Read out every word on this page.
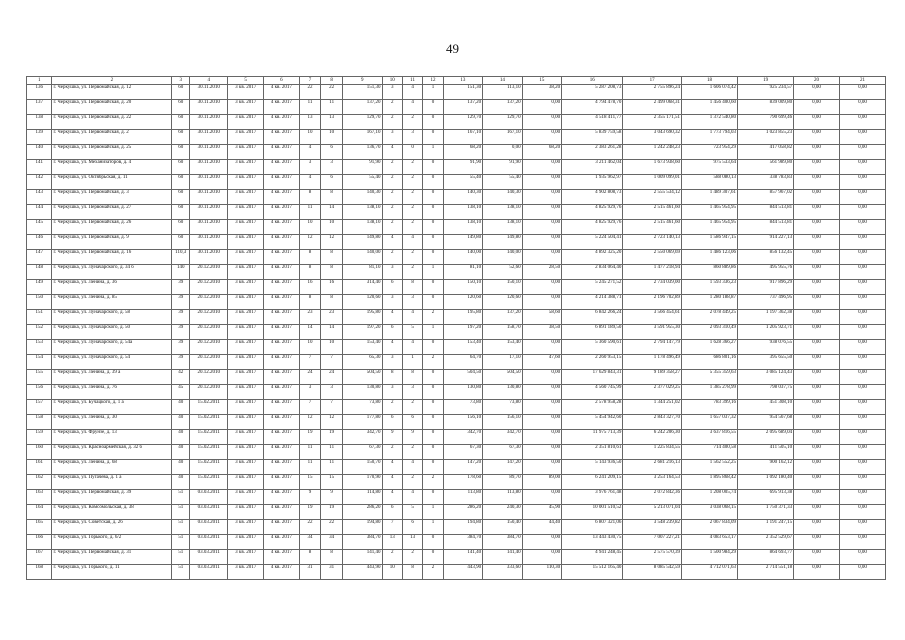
49
1	2	3	4	5	6	7	8	9	10	11	12	13	14	15	16	17	18	19	20	21
136	г. Черкушка, ул. Первомайская, д. 12	60	30.11.2010	3 кв. 2017	4 кв. 2017	22	22	151,30	3	4	1	151,30	113,10	38,20	5 287 208,73	2 755 896,24	1 606 074,42	925 234,57	0,00	0,00
137	г. Черкушка, ул. Первомайская, д. 20	60	30.11.2010	3 кв. 2017	4 кв. 2017	11	11	137,20	2	4	0	137,20	137,20	0,00	4 794 478,70	2 499 068,31	1 456 400,60	839 009,80	0,00	0,00
138	г. Черкушка, ул. Первомайская, д. 22	60	30.11.2010	3 кв. 2017	4 кв. 2017	13	13	129,70	2	2	0	129,70	129,70	0,00	4 518 411,77	2 355 171,51	1 372 540,80	790 699,46	0,00	0,00
139	г. Черкушка, ул. Первомайская, д. 2	60	30.11.2010	3 кв. 2017	4 кв. 2017	10	10	167,10	3	3	0	167,10	167,10	0,00	5 839 759,58	3 043 690,32	1 773 794,03	1 023 855,23	0,00	0,00
140	г. Черкушка, ул. Первомайская, д. 25	60	30.11.2010	3 кв. 2017	4 кв. 2017	4	6	136,70	4	0	1	68,20	0,00	68,20	2 383 261,28	1 242 248,23	723 954,29	417 058,82	0,00	0,00
141	г. Черкушка, ул. Механизаторов, д. 4	60	30.11.2010	3 кв. 2017	4 кв. 2017	3	3	91,90	2	2	0	91,90	91,90	0,00	3 211 462,04	1 673 938,60	975 533,64	561 989,80	0,00	0,00
142	г. Черкушка, ул. Октябрьская, д. 11	60	30.11.2010	3 кв. 2017	4 кв. 2017	4	6	55,40	2	2	0	55,40	55,40	0,00	1 935 962,97	1 009 099,01	588 080,13	338 783,83	0,00	0,00
143	г. Черкушка, ул. Первомайская, д. 3	60	30.11.2010	3 кв. 2017	4 кв. 2017	8	8	140,30	2	2	0	140,30	140,30	0,00	4 902 808,73	2 555 534,12	1 489 307,61	857 967,02	0,00	0,00
144	г. Черкушка, ул. Первомайская, д. 27	60	30.11.2010	3 кв. 2017	4 кв. 2017	11	14	138,10	2	2	0	138,10	138,10	0,00	4 825 929,76	2 515 461,60	1 465 954,95	844 513,81	0,00	0,00
145	г. Черкушка, ул. Первомайская, д. 26	60	30.11.2010	3 кв. 2017	4 кв. 2017	10	10	138,10	2	2	0	138,10	138,10	0,00	4 825 929,76	2 515 461,60	1 465 954,95	844 513,81	0,00	0,00
146	г. Черкушка, ул. Первомайская, д. 9	60	30.11.2010	3 кв. 2017	4 кв. 2017	12	12	149,80	4	4	0	149,80	149,80	0,00	5 224 504,41	2 723 140,13	1 586 947,15	914 227,13	0,00	0,00
147	г. Черкушка, ул. Первомайская, д. 16	110,3	30.11.2010	3 кв. 2017	4 кв. 2017	8	8	140,00	2	2	0	140,00	140,00	0,00	4 892 325,20	2 550 069,69	1 486 123,06	856 132,45	0,00	0,00
148	г. Черкушка, ул. Луначарского, д. 34 б	140	20.12.2010	3 кв. 2017	4 кв. 2017	8	8	81,10	3	2	1	81,10	52,60	28,50	2 834 064,40	1 477 218,94	860 889,86	495 955,76	0,00	0,00
149	г. Черкушка, ул. Ленина, д. 36	39	20.12.2010	3 кв. 2017	4 кв. 2017	16	16	314,40	6	8	0	150,10	150,10	0,00	5 245 271,52	2 734 039,00	1 593 336,23	917 896,29	0,00	0,00
150	г. Черкушка, ул. Ленина, д. 85	39	20.12.2010	3 кв. 2017	4 кв. 2017	8	8	120,60	3	3	0	120,60	120,60	0,00	4 214 388,71	2 196 702,89	1 280 188,87	737 496,95	0,00	0,00
151	г. Черкушка, ул. Луначарского, д. 58	39	20.12.2010	3 кв. 2017	4 кв. 2017	23	23	195,80	4	4	2	195,80	137,20	58,60	6 842 266,24	3 566 454,61	2 078 449,25	1 197 362,38	0,00	0,00
152	г. Черкушка, ул. Луначарского, д. 50	39	20.12.2010	3 кв. 2017	4 кв. 2017	14	14	197,20	6	5	1	197,20	158,70	38,50	6 891 189,50	3 591 955,30	2 093 310,49	1 205 923,71	0,00	0,00
153	г. Черкушка, ул. Луначарского, д. 54а	39	20.12.2010	3 кв. 2017	4 кв. 2017	10	10	153,40	4	4	0	153,40	153,40	0,00	5 360 590,61	2 794 147,79	1 628 366,27	938 076,55	0,00	0,00
154	г. Черкушка, ул. Луначарского, д. 54	39	20.12.2010	3 кв. 2017	4 кв. 2017	7	7	65,30	3	1	2	64,70	17,10	47,60	2 260 953,15	1 178 496,49	686 801,16	395 655,50	0,00	0,00
155	г. Черкушка, ул. Ленина, д. 39 а	42	20.12.2010	3 кв. 2017	4 кв. 2017	24	24	504,50	8	8	0	504,50	504,50	0,00	17 629 843,31	9 189 358,27	5 355 359,63	3 085 124,43	0,00	0,00
156	г. Черкушка, ул. Ленина, д. 76	45	20.12.2010	3 кв. 2017	4 кв. 2017	3	3	130,80	3	3	0	130,80	130,80	0,00	4 560 745,99	2 377 029,25	1 385 278,99	798 037,75	0,00	0,00
157	г. Черкушка, ул. Бучацкого, д. 1 а	40	15.02.2011	3 кв. 2017	4 кв. 2017	7	7	73,80	2	2	0	73,80	73,80	0,00	2 578 958,28	1 344 251,02	783 399,16	451 308,10	0,00	0,00
158	г. Черкушка, ул. Ленина, д. 30	40	15.02.2011	3 кв. 2017	4 кв. 2017	12	12	177,80	6	6	0	156,10	156,10	0,00	5 454 942,60	2 843 327,70	1 657 037,32	954 567,68	0,00	0,00
159	г. Черкушка, ул. Фрунзе, д. 13	40	15.02.2011	3 кв. 2017	4 кв. 2017	19	19	342,70	9	9	0	342,70	342,70	0,00	11 975 713,39	6 242 206,30	3 637 816,55	2 095 689,04	0,00	0,00
160	г. Черкушка, ул. Красноармейская, д. 32 б	40	15.02.2011	3 кв. 2017	4 кв. 2017	11	11	67,30	2	2	0	67,30	67,30	0,00	2 351 810,61	1 225 834,55	714 400,58	411 505,10	0,00	0,00
161	г. Черкушка, ул. Ленина, д. 68	40	15.02.2011	3 кв. 2017	4 кв. 2017	11	11	150,70	4	4	0	147,20	147,20	0,00	5 143 936,50	2 681 216,13	1 562 552,25	900 162,12	0,00	0,00
162	г. Черкушка, ул. Пугачева, д. 1 а	40	15.02.2011	3 кв. 2017	4 кв. 2017	15	15	170,90	4	2	2	178,60	89,70	89,00	6 241 209,15	3 253 164,53	1 895 868,42	1 092 180,40	0,00	0,00
163	г. Черкушка, ул. Первомайская, д. 39	51	03.03.2011	3 кв. 2017	4 кв. 2017	9	9	114,80	4	4	0	113,80	113,80	0,00	3 976 761,48	2 072 842,36	1 208 005,74	695 913,38	0,00	0,00
164	г. Черкушка, ул. Комсомольская, д. 38	51	03.03.2011	3 кв. 2017	4 кв. 2017	19	19	286,20	6	5	1	286,20	240,30	45,90	10 001 510,52	5 213 071,04	3 038 068,15	1 750 371,33	0,00	0,00
165	г. Черкушка, ул. Советская, д. 26	51	03.03.2011	3 кв. 2017	4 кв. 2017	22	22	194,80	7	6	1	194,80	150,40	44,40	6 807 321,06	3 548 239,82	2 067 834,09	1 191 247,15	0,00	0,00
166	г. Черкушка, ул. Горького, д. 6/2	51	03.03.2011	3 кв. 2017	4 кв. 2017	34	34	384,70	13	13	0	384,70	384,70	0,00	13 443 430,75	7 007 227,21	4 083 653,17	2 352 529,67	0,00	0,00
167	г. Черкушка, ул. Первомайская, д. 31	51	03.03.2011	3 кв. 2017	4 кв. 2017	8	8	141,40	2	2	0	141,40	141,40	0,00	4 941 248,45	2 575 570,39	1 500 984,29	864 693,77	0,00	0,00
168	г. Черкушка, ул. Горького, д. 11	51	03.03.2011	3 кв. 2017	4 кв. 2017	31	31	443,90	10	8	2	443,90	333,60	110,30	15 512 165,40	8 085 542,59	4 712 071,63	2 714 551,18	0,00	0,00
